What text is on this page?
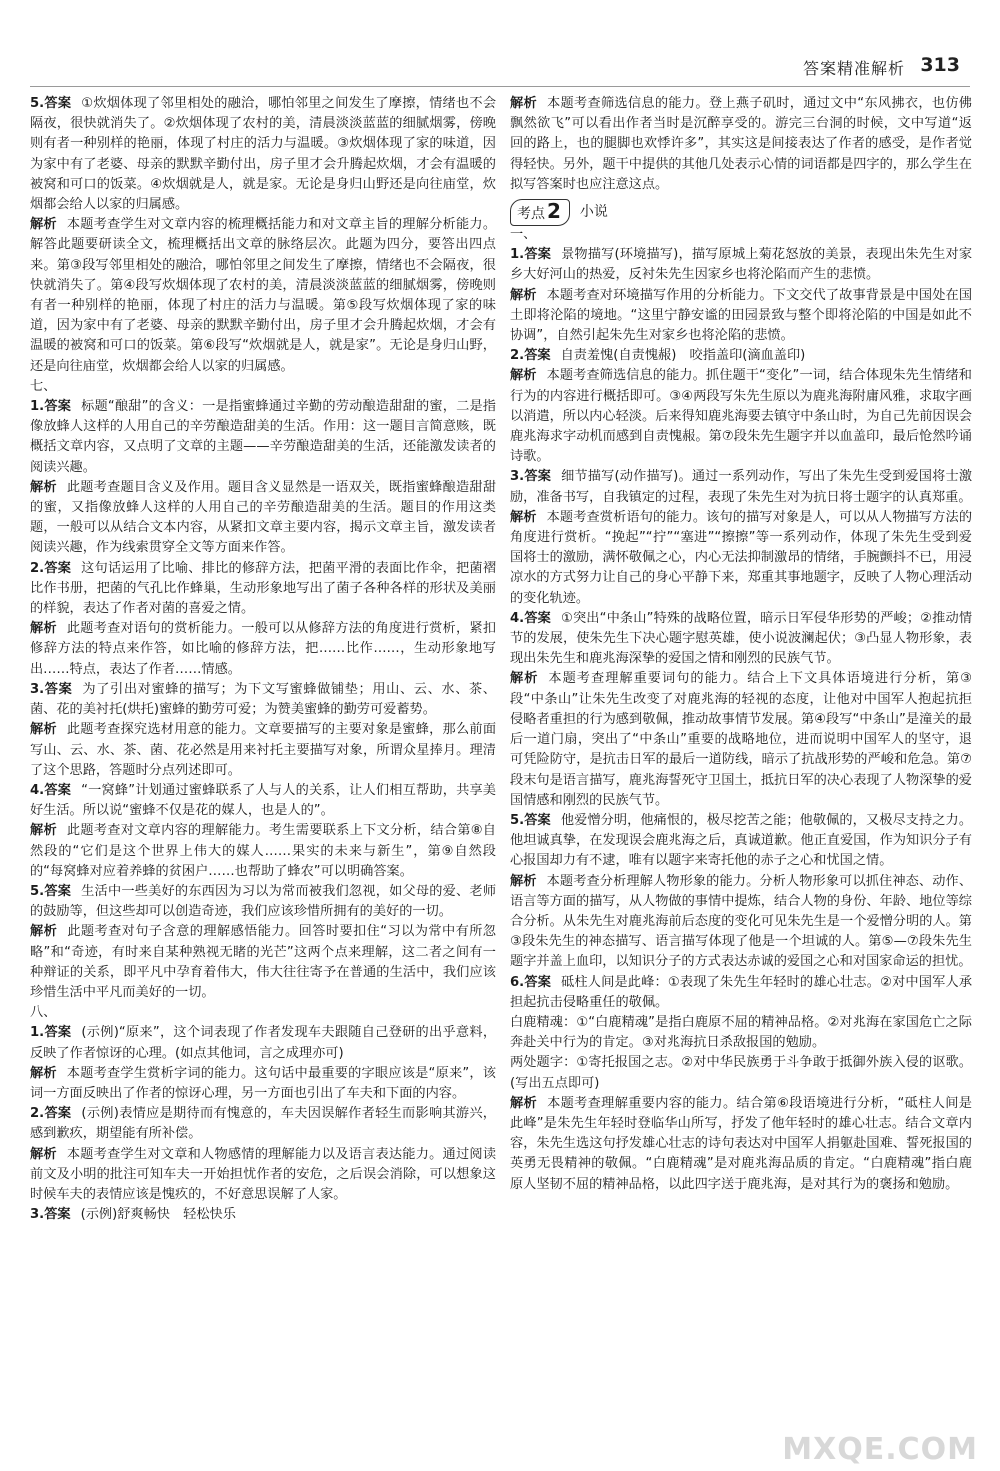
答案精准解析 313

5.答案 ①炊烟体现了邻里相处的融洽，哪怕邻里之间发生了摩擦，情绪也不会隔夜，很快就消失了。②炊烟体现了农村的美，清晨淡淡蓝蓝的细腻烟雾，傍晚则有者一种别样的艳丽，体现了村庄的活力与温暖。③炊烟体现了家的味道，因为家中有了老婆、母亲的默默辛勤付出，房子里才会升腾起炊烟，才会有温暖的被窝和可口的饭菜。④炊烟就是人，就是家。无论是身归山野还是向往庙堂，炊烟都会给人以家的归属感。

解析 本题考查学生对文章内容的梳理概括能力和对文章主旨的理解分析能力。解答此题要研读全文，梳理概括出文章的脉络层次。此题为四分，要答出四点来。第③段写邻里相处的融洽，哪怕邻里之间发生了摩擦，情绪也不会隔夜，很快就消失了。第④段写炊烟体现了农村的美，清晨淡淡蓝蓝的细腻烟雾，傍晚则有者一种别样的艳丽，体现了村庄的活力与温暖。第⑤段写炊烟体现了家的味道，因为家中有了老婆、母亲的默默辛勤付出，房子里才会升腾起炊烟，才会有温暖的被窝和可口的饭菜。第⑥段写“炊烟就是人，就是家”。无论是身归山野，还是向往庙堂，炊烟都会给人以家的归属感。

七、

1.答案 标题“酿甜”的含义：一是指蜜蜂通过辛勤的劳动酿造甜甜的蜜，二是指像放蜂人这样的人用自己的辛劳酿造甜美的生活。作用：这一题目言简意赅，既概括文章内容，又点明了文章的主题——辛劳酿造甜美的生活，还能激发读者的阅读兴趣。

解析 此题考查题目含义及作用。题目含义显然是一语双关，既指蜜蜂酿造甜甜的蜜，又指像放蜂人这样的人用自己的辛劳酿造甜美的生活。题目的作用这类题，一般可以从结合文本内容，从紧扣文章主要内容，揭示文章主旨，激发读者阅读兴趣，作为线索贯穿全文等方面来作答。

2.答案 这句话运用了比喻、排比的修辞方法，把菌平滑的表面比作伞，把菌褶比作书册，把菌的气孔比作蜂巢，生动形象地写出了菌子各种各样的形状及美丽的样貌，表达了作者对菌的喜爱之情。

解析 此题考查对语句的赏析能力。一般可以从修辞方法的角度进行赏析，紧扣修辞方法的特点来作答，如比喻的修辞方法，把……比作……，生动形象地写出……特点，表达了作者……情感。

3.答案 为了引出对蜜蜂的描写；为下文写蜜蜂做铺垫；用山、云、水、茶、菌、花的美衬托(烘托)蜜蜂的勤劳可爱；为赞美蜜蜂的勤劳可爱蓄势。

解析 此题考查探究选材用意的能力。文章要描写的主要对象是蜜蜂，那么前面写山、云、水、茶、菌、花必然是用来衬托主要描写对象，所谓众星捧月。理清了这个思路，答题时分点列述即可。

4.答案 “一窝蜂”计划通过蜜蜂联系了人与人的关系，让人们相互帮助，共享美好生活。所以说“蜜蜂不仅是花的媒人，也是人的”。

解析 此题考查对文章内容的理解能力。考生需要联系上下文分析，结合第⑧自然段的“它们是这个世界上伟大的媒人……果实的未来与新生”，第⑨自然段的“每窝蜂对应着养蜂的贫困户……也帮助了蜂农”可以明确答案。

5.答案 生活中一些美好的东西因为习以为常而被我们忽视，如父母的爱、老师的鼓励等，但这些却可以创造奇迹，我们应该珍惜所拥有的美好的一切。

解析 此题考查对句子含意的理解感悟能力。回答时要扣住“习以为常中有所忽略”和“奇迹，有时来自某种熟视无睹的光芒”这两个点来理解，这二者之间有一种辩证的关系，即平凡中孕育着伟大，伟大往往寄予在普通的生活中，我们应该珍惜生活中平凡而美好的一切。

八、

1.答案 (示例)“原来”，这个词表现了作者发现车夫跟随自己登研的出乎意料，反映了作者惊讶的心理。(如点其他词，言之成理亦可)

解析 本题考查学生赏析字词的能力。这句话中最重要的字眼应该是“原来”，该词一方面反映出了作者的惊讶心理，另一方面也引出了车夫和下面的内容。

2.答案 (示例)表情应是期待而有愧意的，车夫因误解作者轻生而影响其游兴，感到歉疚，期望能有所补偿。

解析 本题考查学生对文章和人物感情的理解能力以及语言表达能力。通过阅读前文及小明的批注可知车夫一开始担忧作者的安危，之后误会消除，可以想象这时候车夫的表情应该是愧疚的，不好意思误解了人家。

3.答案 (示例)舒爽畅快　轻松快乐

解析 本题考查筛选信息的能力。登上燕子矶时，通过文中“东风拂衣，也仿佛飘然欲飞”可以看出作者当时是沉醉享受的。游完三台洞的时候，文中写道“返回的路上，也的腿脚也欢悸许多”，其实这是间接表达了作者的感受，是作者觉得轻快。另外，题干中提供的其他几处表示心情的词语都是四字的，那么学生在拟写答案时也应注意这点。

考点 2	小说

一、

1.答案 景物描写(环境描写)，描写原城上菊花怒放的美景，表现出朱先生对家乡大好河山的热爱，反衬朱先生因家乡也将沦陷而产生的悲愤。

解析 本题考查对环境描写作用的分析能力。下文交代了故事背景是中国处在国土即将沦陷的境地。“这里宁静安谧的田园景致与整个即将沦陷的中国是如此不协调”，自然引起朱先生对家乡也将沦陷的悲愤。

2.答案 自责羞愧(自责愧赧)　咬指盖印(滴血盖印)

解析 本题考查筛选信息的能力。抓住题干“变化”一词，结合体现朱先生情绪和行为的内容进行概括即可。③④两段写朱先生原以为鹿兆海附庸风雅，求取字画以消遣，所以内心轻淡。后来得知鹿兆海要去镇守中条山时，为自己先前因误会鹿兆海求字动机而感到自责愧赧。第⑦段朱先生题字并以血盖印，最后怆然吟诵诗歌。

3.答案 细节描写(动作描写)。通过一系列动作，写出了朱先生受到爱国将士激励，准备书写，自我镇定的过程，表现了朱先生对为抗日将士题字的认真郑重。

解析 本题考查赏析语句的能力。该句的描写对象是人，可以从人物描写方法的角度进行赏析。“挽起”“拧”“塞进”“擦擦”等一系列动作，体现了朱先生受到爱国将士的激励，满怀敬佩之心，内心无法抑制激昂的情绪，手腕颤抖不已，用浸凉水的方式努力让自己的身心平静下来，郑重其事地题字，反映了人物心理活动的变化轨迹。

4.答案 ①突出“中条山”特殊的战略位置，暗示日军侵华形势的严峻；②推动情节的发展，使朱先生下决心题字慰英雄，使小说波澜起伏；③凸显人物形象，表现出朱先生和鹿兆海深挚的爱国之情和刚烈的民族气节。

解析 本题考查理解重要词句的能力。结合上下文具体语境进行分析，第③段“中条山”让朱先生改变了对鹿兆海的轻视的态度，让他对中国军人抱起抗拒侵略者重担的行为感到敬佩，推动故事情节发展。第④段写“中条山”是潼关的最后一道门扇，突出了“中条山”重要的战略地位，进而说明中国军人的坚守，退可凭险防守，是抗击日军的最后一道防线，暗示了抗战形势的严峻和危急。第⑦段末句是语言描写，鹿兆海誓死守卫国土，抵抗日军的决心表现了人物深挚的爱国情感和刚烈的民族气节。

5.答案 他爱憎分明，他痛恨的，极尽挖苦之能；他敬佩的，又极尽支持之力。他坦诚真挚，在发现误会鹿兆海之后，真诚道歉。他正直爱国，作为知识分子有心报国却力有不逮，唯有以题字来寄托他的赤子之心和忧国之情。

解析 本题考查分析理解人物形象的能力。分析人物形象可以抓住神态、动作、语言等方面的描写，从人物做的事情中提炼，结合人物的身份、年龄、地位等综合分析。从朱先生对鹿兆海前后态度的变化可见朱先生是一个爱憎分明的人。第③段朱先生的神态描写、语言描写体现了他是一个坦诚的人。第⑤—⑦段朱先生题字并盖上血印，以知识分子的方式表达赤诚的爱国之心和对国家命运的担忧。

6.答案 砥柱人间是此峰：①表现了朱先生年轻时的雄心壮志。②对中国军人承担起抗击侵略重任的敬佩。

白鹿精魂：①“白鹿精魂”是指白鹿原不屈的精神品格。②对兆海在家国危亡之际奔赴关中行为的肯定。③对兆海抗日杀敌报国的勉励。

两处题字：①寄托报国之志。②对中华民族勇于斗争敢于抵御外族入侵的讴歌。(写出五点即可)

解析 本题考查理解重要内容的能力。结合第⑥段语境进行分析，“砥柱人间是此峰”是朱先生年轻时登临华山所写，抒发了他年轻时的雄心壮志。结合文章内容，朱先生选这句抒发雄心壮志的诗句表达对中国军人捐躯赴国难、誓死报国的英勇无畏精神的敬佩。“白鹿精魂”是对鹿兆海品质的肯定。“白鹿精魂”指白鹿原人坚韧不屈的精神品格，以此四字送于鹿兆海，是对其行为的褒扬和勉励。

MXQE.COM
